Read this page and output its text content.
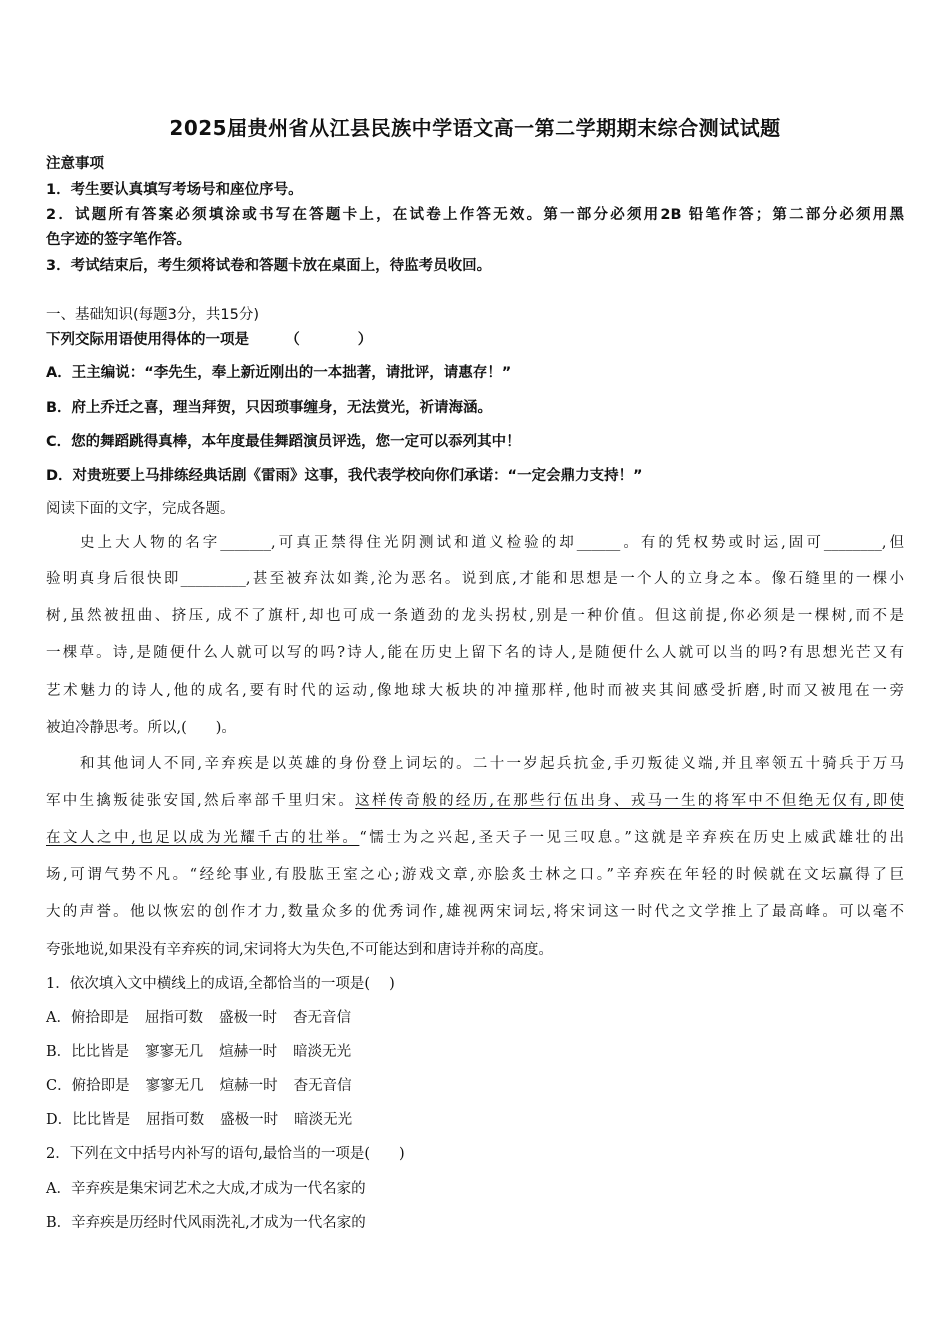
2025届贵州省从江县民族中学语文高一第二学期期末综合测试试题
注意事项
1．考生要认真填写考场号和座位序号。
2．试题所有答案必须填涂或书写在答题卡上，在试卷上作答无效。第一部分必须用2B 铅笔作答；第二部分必须用黑
色字迹的签字笔作答。
3．考试结束后，考生须将试卷和答题卡放在桌面上，待监考员收回。
一、基础知识(每题3分，共15分)
下列交际用语使用得体的一项是　　　（　　　　）
A．王主编说：“李先生，奉上新近刚出的一本拙著，请批评，请惠存！”
B．府上乔迁之喜，理当拜贺，只因琐事缠身，无法赏光，祈请海涵。
C．您的舞蹈跳得真棒，本年度最佳舞蹈演员评选，您一定可以忝列其中！
D．对贵班要上马排练经典话剧《雷雨》这事，我代表学校向你们承诺：“一定会鼎力支持！”
阅读下面的文字，完成各题。
史上大人物的名字_______,可真正禁得住光阴测试和道义检验的却______。有的凭权势或时运,固可________,但
验明真身后很快即_________,甚至被弃汰如粪,沦为恶名。说到底,才能和思想是一个人的立身之本。像石缝里的一棵小
树,虽然被扭曲、挤压, 成不了旗杆,却也可成一条遒劲的龙头拐杖,别是一种价值。但这前提,你必须是一棵树,而不是
一棵草。诗,是随便什么人就可以写的吗?诗人,能在历史上留下名的诗人,是随便什么人就可以当的吗?有思想光芒又有
艺术魅力的诗人,他的成名,要有时代的运动,像地球大板块的冲撞那样,他时而被夹其间感受折磨,时而又被甩在一旁
被迫冷静思考。所以,(　　)。
和其他词人不同,辛弃疾是以英雄的身份登上词坛的。二十一岁起兵抗金,手刃叛徒义端,并且率领五十骑兵于万马
军中生擒叛徒张安国,然后率部千里归宋。这样传奇般的经历,在那些行伍出身、戎马一生的将军中不但绝无仅有,即使
在文人之中,也足以成为光耀千古的壮举。“懦士为之兴起,圣天子一见三叹息。”这就是辛弃疾在历史上威武雄壮的出
场,可谓气势不凡。“经纶事业,有股肱王室之心;游戏文章,亦脍炙士林之口。”辛弃疾在年轻的时候就在文坛赢得了巨
大的声誉。他以恢宏的创作才力,数量众多的优秀词作,雄视两宋词坛,将宋词这一时代之文学推上了最高峰。可以毫不
夸张地说,如果没有辛弃疾的词,宋词将大为失色,不可能达到和唐诗并称的高度。
1．依次填入文中横线上的成语,全都恰当的一项是(　 )
A．俯拾即是 屈指可数 盛极一时 杳无音信
B．比比皆是 寥寥无几 煊赫一时 暗淡无光
C．俯拾即是 寥寥无几 煊赫一时 杳无音信
D．比比皆是 屈指可数 盛极一时 暗淡无光
2．下列在文中括号内补写的语句,最恰当的一项是(　　)
A．辛弃疾是集宋词艺术之大成,才成为一代名家的
B．辛弃疾是历经时代风雨洗礼,才成为一代名家的
